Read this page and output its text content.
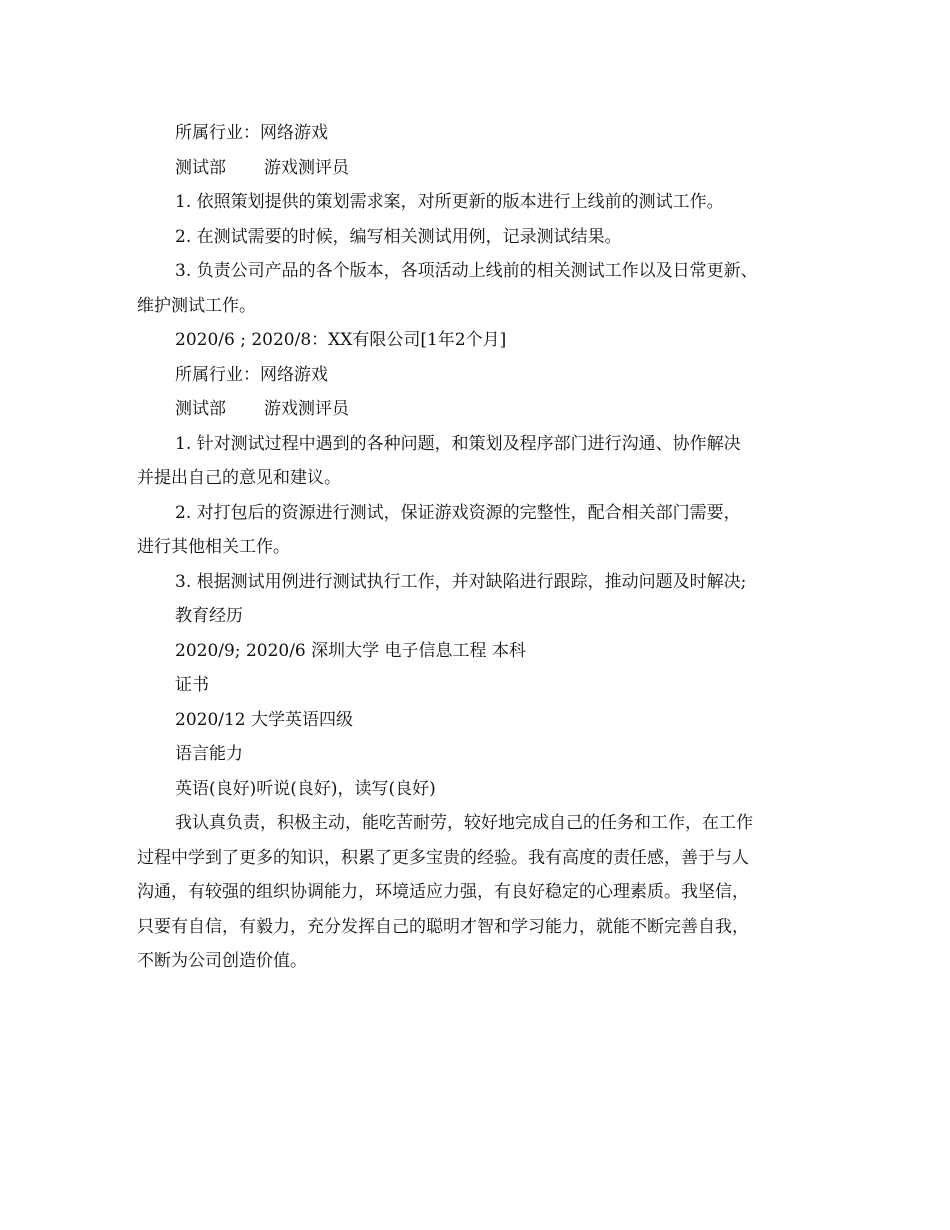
所属行业：网络游戏
测试部 游戏测评员
1. 依照策划提供的策划需求案，对所更新的版本进行上线前的测试工作。
2. 在测试需要的时候，编写相关测试用例，记录测试结果。
3. 负责公司产品的各个版本，各项活动上线前的相关测试工作以及日常更新、
维护测试工作。
2020/6 ; 2020/8：XX有限公司[1年2个月]
所属行业：网络游戏
测试部 游戏测评员
1. 针对测试过程中遇到的各种问题，和策划及程序部门进行沟通、协作解决
并提出自己的意见和建议。
2. 对打包后的资源进行测试，保证游戏资源的完整性，配合相关部门需要，
进行其他相关工作。
3. 根据测试用例进行测试执行工作，并对缺陷进行跟踪，推动问题及时解决;
教育经历
2020/9; 2020/6 深圳大学 电子信息工程 本科
证书
2020/12 大学英语四级
语言能力
英语(良好)听说(良好)，读写(良好)
我认真负责，积极主动，能吃苦耐劳，较好地完成自己的任务和工作，在工作
过程中学到了更多的知识，积累了更多宝贵的经验。我有高度的责任感，善于与人
沟通，有较强的组织协调能力，环境适应力强，有良好稳定的心理素质。我坚信，
只要有自信，有毅力，充分发挥自己的聪明才智和学习能力，就能不断完善自我，
不断为公司创造价值。
